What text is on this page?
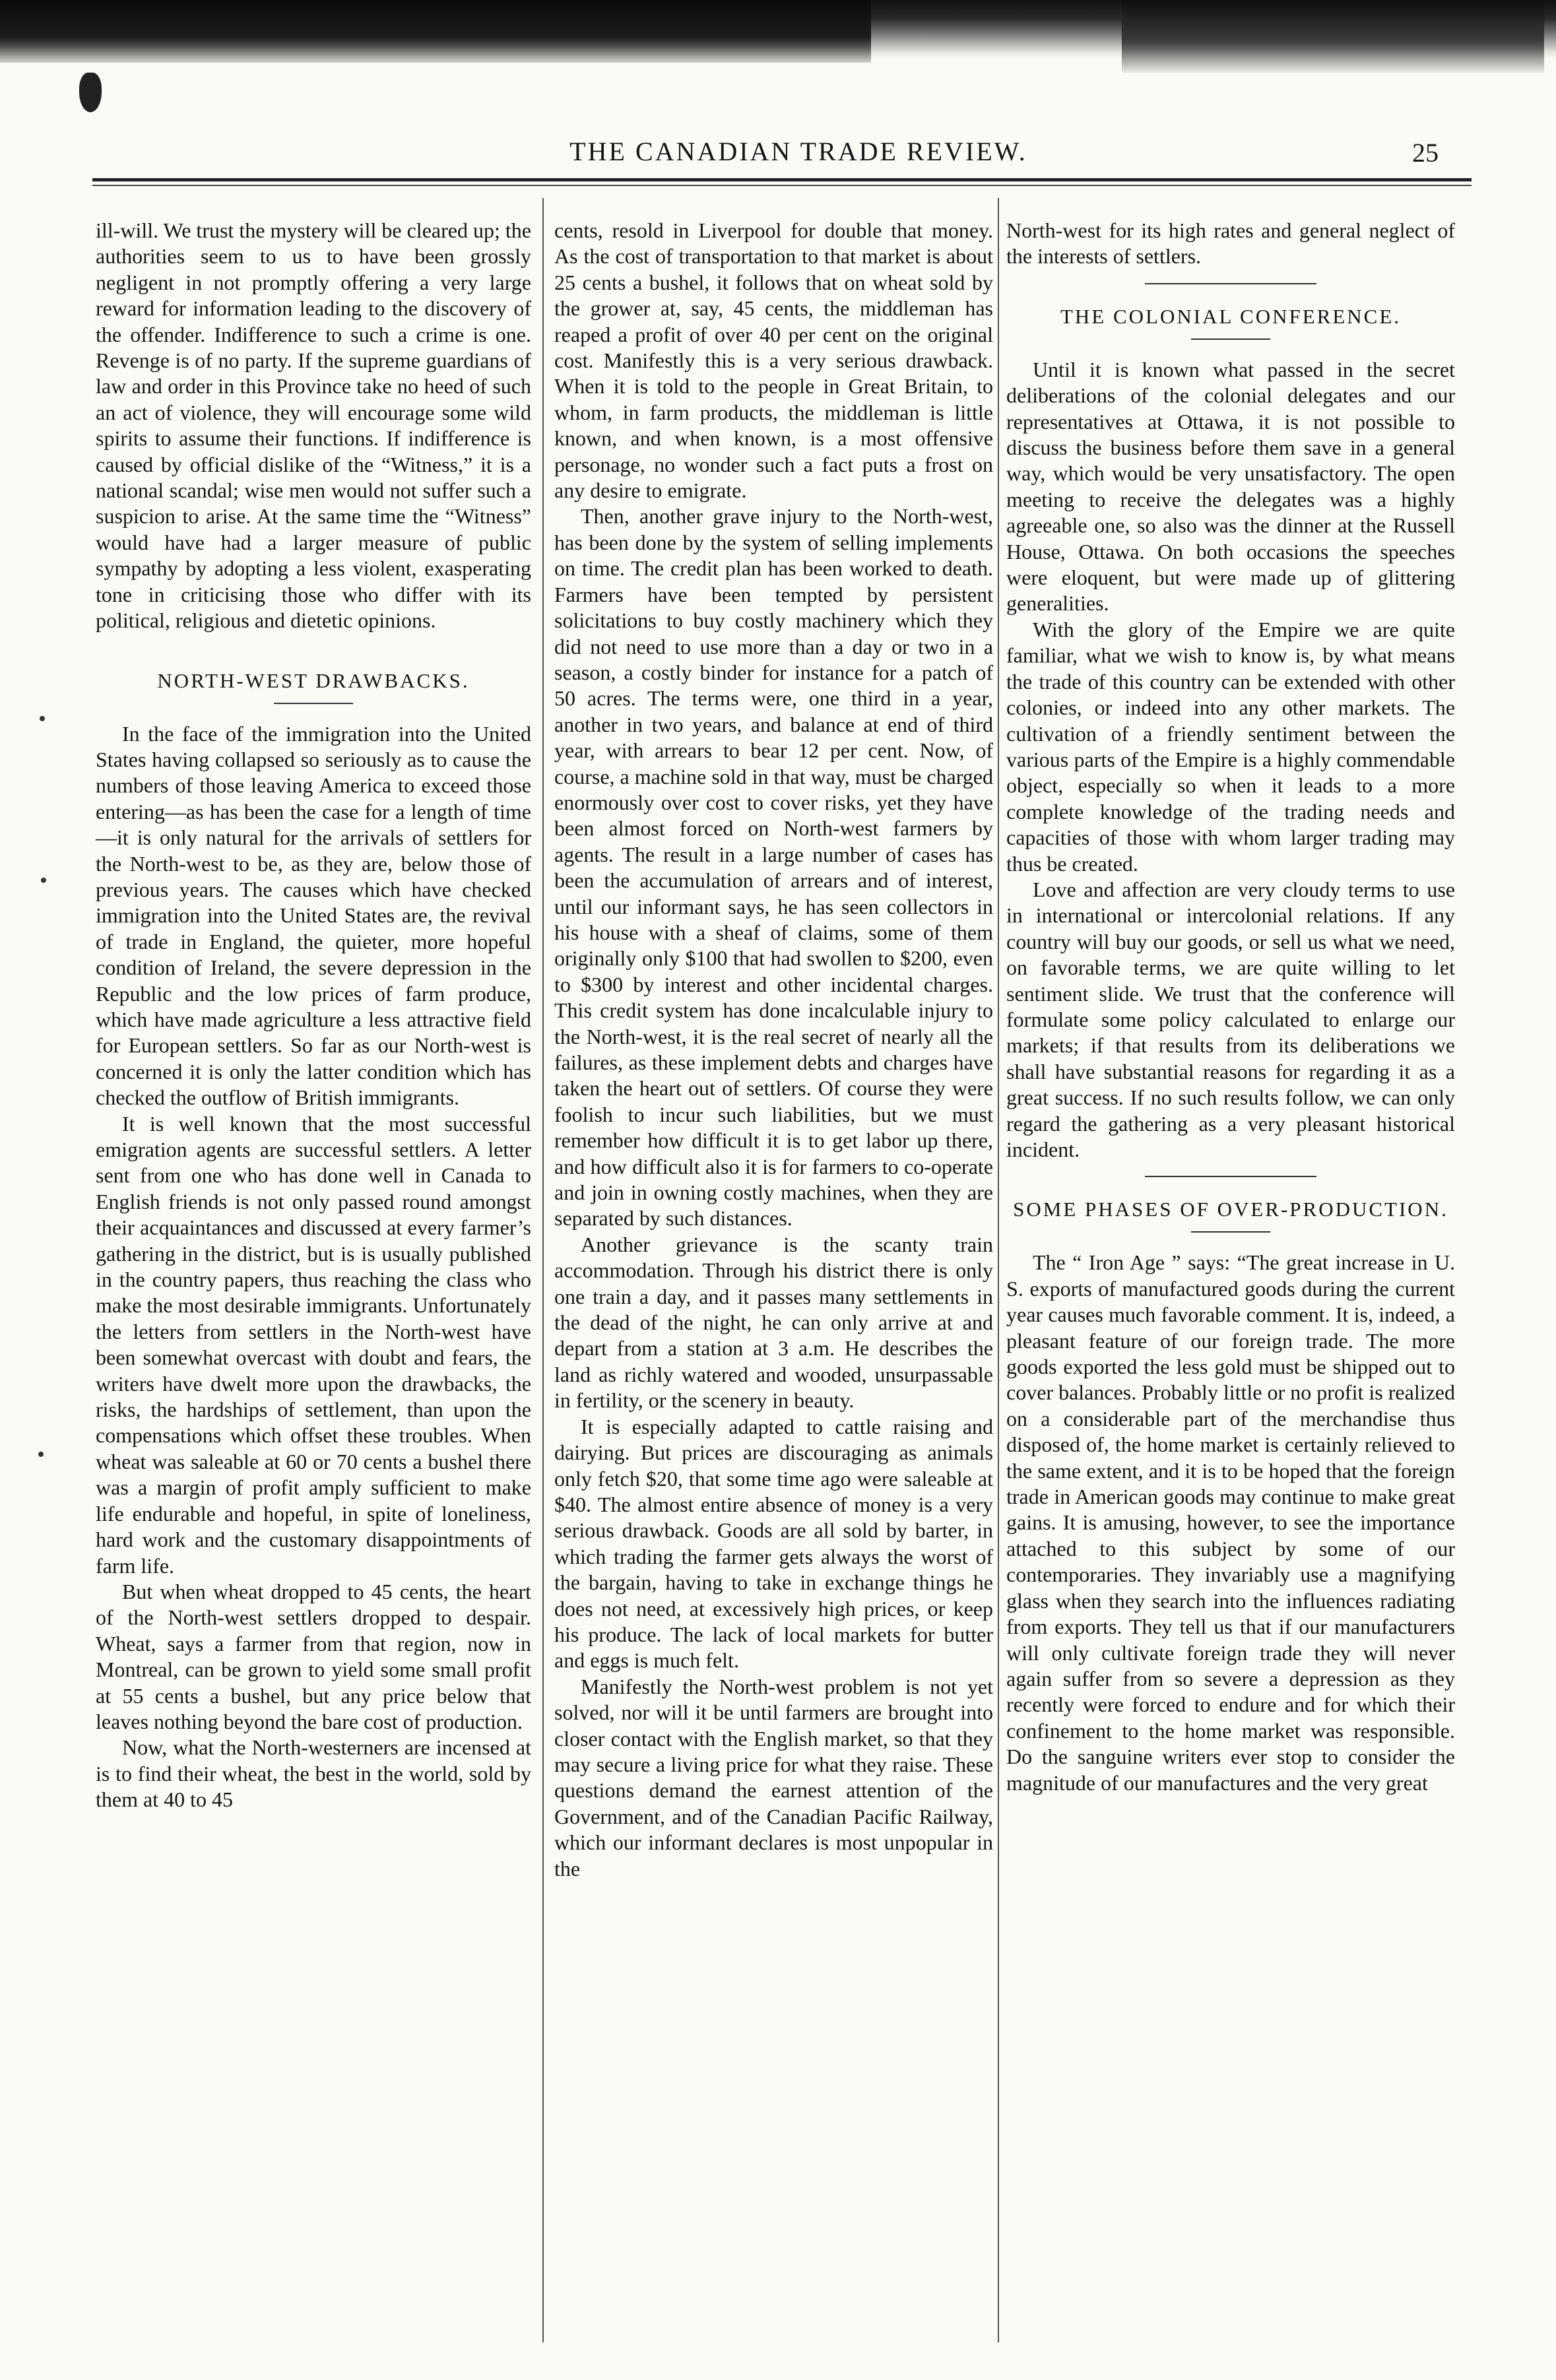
THE CANADIAN TRADE REVIEW.	25

ill-will. We trust the mystery will be cleared up; the authorities seem to us to have been grossly negligent in not promptly offering a very large reward for information leading to the discovery of the offender. Indifference to such a crime is one. Revenge is of no party. If the supreme guardians of law and order in this Province take no heed of such an act of violence, they will encourage some wild spirits to assume their functions. If indifference is caused by official dislike of the “Witness,” it is a national scandal; wise men would not suffer such a suspicion to arise. At the same time the “Witness” would have had a larger measure of public sympathy by adopting a less violent, exasperating tone in criticising those who differ with its political, religious and dietetic opinions.

NORTH-WEST DRAWBACKS.

In the face of the immigration into the United States having collapsed so seriously as to cause the numbers of those leaving America to exceed those entering—as has been the case for a length of time—it is only natural for the arrivals of settlers for the North-west to be, as they are, below those of previous years. The causes which have checked immigration into the United States are, the revival of trade in England, the quieter, more hopeful condition of Ireland, the severe depression in the Republic and the low prices of farm produce, which have made agriculture a less attractive field for European settlers. So far as our North-west is concerned it is only the latter condition which has checked the outflow of British immigrants.

It is well known that the most successful emigration agents are successful settlers. A letter sent from one who has done well in Canada to English friends is not only passed round amongst their acquaintances and discussed at every farmer’s gathering in the district, but is is usually published in the country papers, thus reaching the class who make the most desirable immigrants. Unfortunately the letters from settlers in the North-west have been somewhat overcast with doubt and fears, the writers have dwelt more upon the drawbacks, the risks, the hardships of settlement, than upon the compensations which offset these troubles. When wheat was saleable at 60 or 70 cents a bushel there was a margin of profit amply sufficient to make life endurable and hopeful, in spite of loneliness, hard work and the customary disappointments of farm life.

But when wheat dropped to 45 cents, the heart of the North-west settlers dropped to despair. Wheat, says a farmer from that region, now in Montreal, can be grown to yield some small profit at 55 cents a bushel, but any price below that leaves nothing beyond the bare cost of production.

Now, what the North-westerners are incensed at is to find their wheat, the best in the world, sold by them at 40 to 45

cents, resold in Liverpool for double that money. As the cost of transportation to that market is about 25 cents a bushel, it follows that on wheat sold by the grower at, say, 45 cents, the middleman has reaped a profit of over 40 per cent on the original cost. Manifestly this is a very serious drawback. When it is told to the people in Great Britain, to whom, in farm products, the middleman is little known, and when known, is a most offensive personage, no wonder such a fact puts a frost on any desire to emigrate.

Then, another grave injury to the North-west, has been done by the system of selling implements on time. The credit plan has been worked to death. Farmers have been tempted by persistent solicitations to buy costly machinery which they did not need to use more than a day or two in a season, a costly binder for instance for a patch of 50 acres. The terms were, one third in a year, another in two years, and balance at end of third year, with arrears to bear 12 per cent. Now, of course, a machine sold in that way, must be charged enormously over cost to cover risks, yet they have been almost forced on North-west farmers by agents. The result in a large number of cases has been the accumulation of arrears and of interest, until our informant says, he has seen collectors in his house with a sheaf of claims, some of them originally only $100 that had swollen to $200, even to $300 by interest and other incidental charges. This credit system has done incalculable injury to the North-west, it is the real secret of nearly all the failures, as these implement debts and charges have taken the heart out of settlers. Of course they were foolish to incur such liabilities, but we must remember how difficult it is to get labor up there, and how difficult also it is for farmers to co-operate and join in owning costly machines, when they are separated by such distances.

Another grievance is the scanty train accommodation. Through his district there is only one train a day, and it passes many settlements in the dead of the night, he can only arrive at and depart from a station at 3 a.m. He describes the land as richly watered and wooded, unsurpassable in fertility, or the scenery in beauty.

It is especially adapted to cattle raising and dairying. But prices are discouraging as animals only fetch $20, that some time ago were saleable at $40. The almost entire absence of money is a very serious drawback. Goods are all sold by barter, in which trading the farmer gets always the worst of the bargain, having to take in exchange things he does not need, at excessively high prices, or keep his produce. The lack of local markets for butter and eggs is much felt.

Manifestly the North-west problem is not yet solved, nor will it be until farmers are brought into closer contact with the English market, so that they may secure a living price for what they raise. These questions demand the earnest attention of the Government, and of the Canadian Pacific Railway, which our informant declares is most unpopular in the

North-west for its high rates and general neglect of the interests of settlers.

THE COLONIAL CONFERENCE.

Until it is known what passed in the secret deliberations of the colonial delegates and our representatives at Ottawa, it is not possible to discuss the business before them save in a general way, which would be very unsatisfactory. The open meeting to receive the delegates was a highly agreeable one, so also was the dinner at the Russell House, Ottawa. On both occasions the speeches were eloquent, but were made up of glittering generalities.

With the glory of the Empire we are quite familiar, what we wish to know is, by what means the trade of this country can be extended with other colonies, or indeed into any other markets. The cultivation of a friendly sentiment between the various parts of the Empire is a highly commendable object, especially so when it leads to a more complete knowledge of the trading needs and capacities of those with whom larger trading may thus be created.

Love and affection are very cloudy terms to use in international or intercolonial relations. If any country will buy our goods, or sell us what we need, on favorable terms, we are quite willing to let sentiment slide. We trust that the conference will formulate some policy calculated to enlarge our markets; if that results from its deliberations we shall have substantial reasons for regarding it as a great success. If no such results follow, we can only regard the gathering as a very pleasant historical incident.

SOME PHASES OF OVER-PRODUCTION.

The “ Iron Age ” says: “The great increase in U. S. exports of manufactured goods during the current year causes much favorable comment. It is, indeed, a pleasant feature of our foreign trade. The more goods exported the less gold must be shipped out to cover balances. Probably little or no profit is realized on a considerable part of the merchandise thus disposed of, the home market is certainly relieved to the same extent, and it is to be hoped that the foreign trade in American goods may continue to make great gains. It is amusing, however, to see the importance attached to this subject by some of our contemporaries. They invariably use a magnifying glass when they search into the influences radiating from exports. They tell us that if our manufacturers will only cultivate foreign trade they will never again suffer from so severe a depression as they recently were forced to endure and for which their confinement to the home market was responsible. Do the sanguine writers ever stop to consider the magnitude of our manufactures and the very great
